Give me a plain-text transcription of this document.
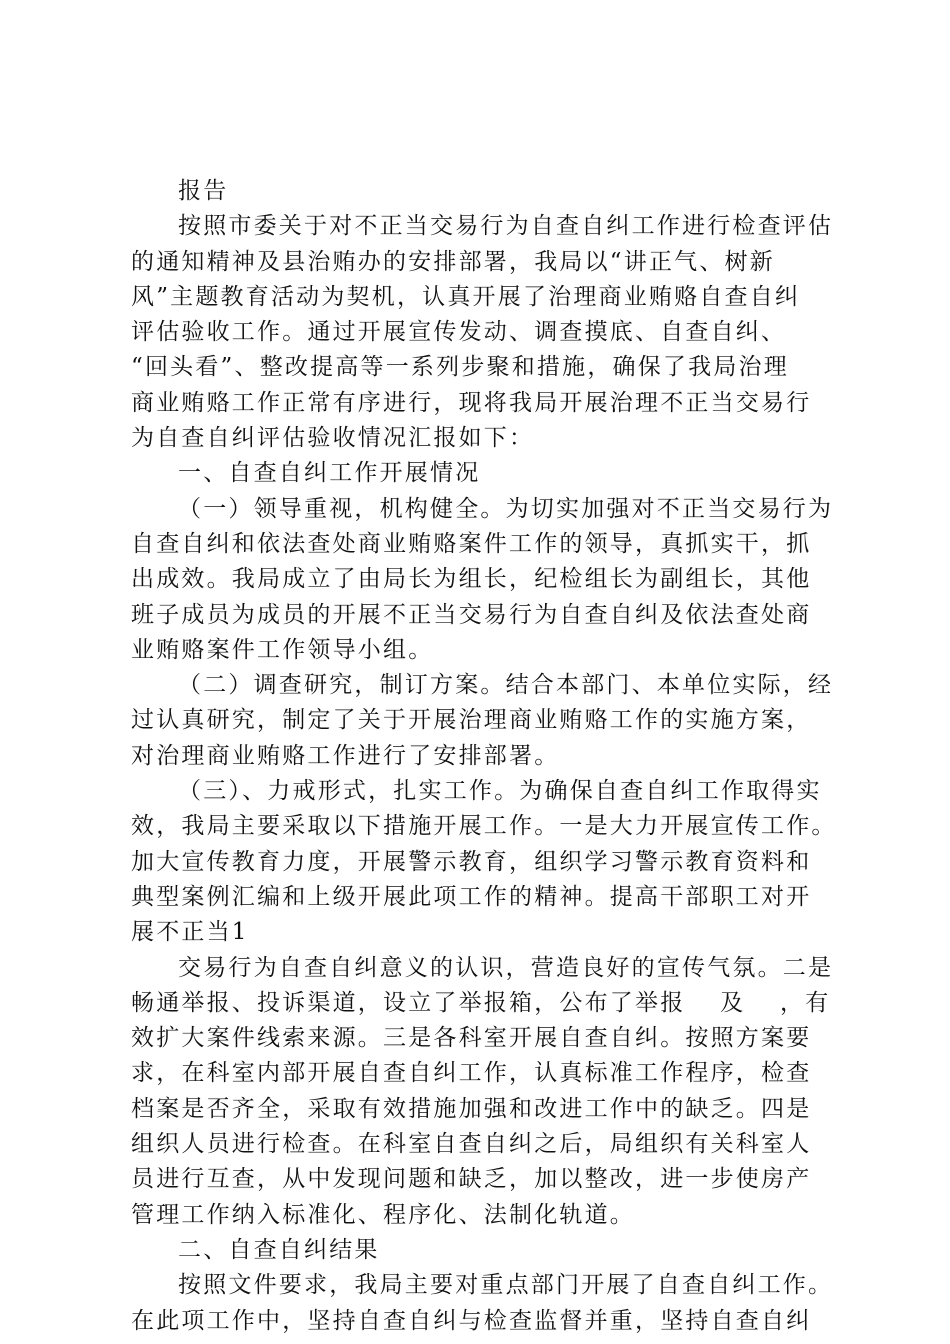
报告
按照市委关于对不正当交易行为自查自纠工作进行检查评估
的通知精神及县治贿办的安排部署，我局以“讲正气、树新
风”主题教育活动为契机，认真开展了治理商业贿赂自查自纠
评估验收工作。通过开展宣传发动、调查摸底、自查自纠、
“回头看”、整改提高等一系列步聚和措施，确保了我局治理
商业贿赂工作正常有序进行，现将我局开展治理不正当交易行
为自查自纠评估验收情况汇报如下：
一、自查自纠工作开展情况
（一）领导重视，机构健全。为切实加强对不正当交易行为
自查自纠和依法查处商业贿赂案件工作的领导，真抓实干，抓
出成效。我局成立了由局长为组长，纪检组长为副组长，其他
班子成员为成员的开展不正当交易行为自查自纠及依法查处商
业贿赂案件工作领导小组。
（二）调查研究，制订方案。结合本部门、本单位实际，经
过认真研究，制定了关于开展治理商业贿赂工作的实施方案，
对治理商业贿赂工作进行了安排部署。
（三）、力戒形式，扎实工作。为确保自查自纠工作取得实
效，我局主要采取以下措施开展工作。一是大力开展宣传工作。
加大宣传教育力度，开展警示教育，组织学习警示教育资料和
典型案例汇编和上级开展此项工作的精神。提高干部职工对开
展不正当1
交易行为自查自纠意义的认识，营造良好的宣传气氛。二是
畅通举报、投诉渠道，设立了举报箱，公布了举报　 及　 ，有
效扩大案件线索来源。三是各科室开展自查自纠。按照方案要
求，在科室内部开展自查自纠工作，认真标准工作程序，检查
档案是否齐全，采取有效措施加强和改进工作中的缺乏。四是
组织人员进行检查。在科室自查自纠之后，局组织有关科室人
员进行互查，从中发现问题和缺乏，加以整改，进一步使房产
管理工作纳入标准化、程序化、法制化轨道。
二、自查自纠结果
按照文件要求，我局主要对重点部门开展了自查自纠工作。
在此项工作中，坚持自查自纠与检查监督并重，坚持自查自纠
